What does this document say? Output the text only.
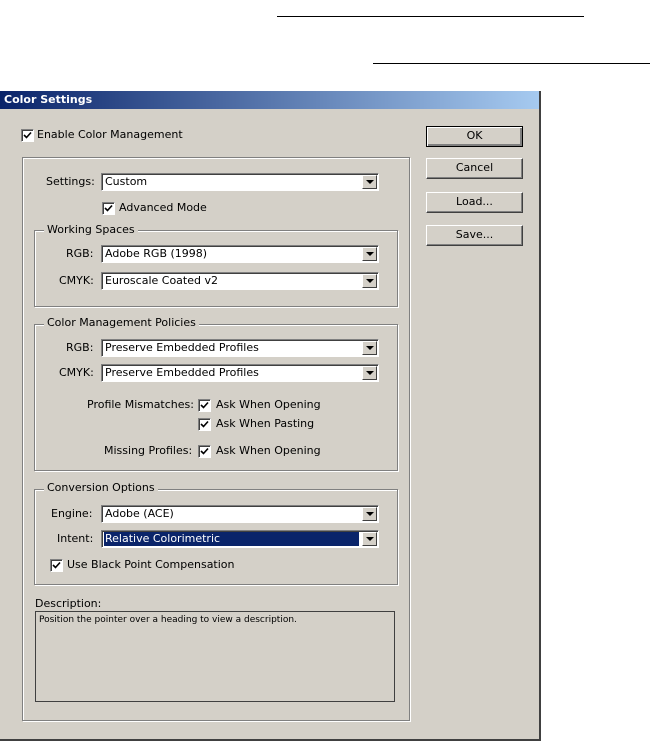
Color Settings
Enable Color Management	OK
Cancel
Load...
Save...
Settings: Custom
Advanced Mode
Working Spaces
RGB: Adobe RGB (1998)
CMYK: Euroscale Coated v2
Color Management Policies
RGB: Preserve Embedded Profiles
CMYK: Preserve Embedded Profiles
Profile Mismatches: Ask When Opening
Ask When Pasting
Missing Profiles: Ask When Opening
Conversion Options
Engine: Adobe (ACE)
Intent: Relative Colorimetric
Use Black Point Compensation
Description:
Position the pointer over a heading to view a description.
